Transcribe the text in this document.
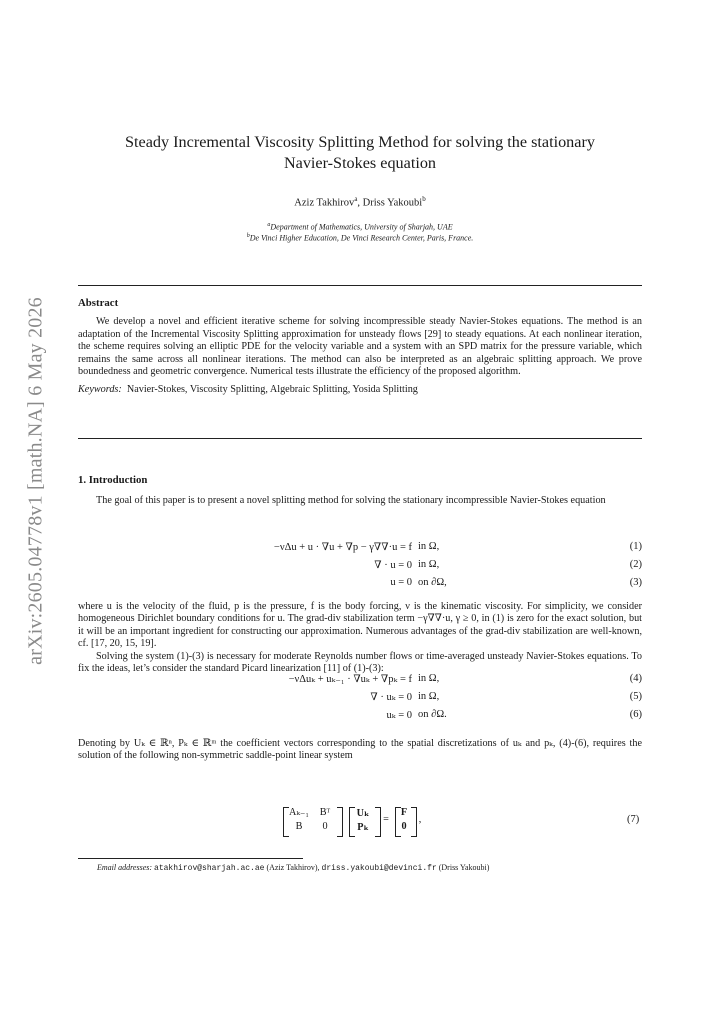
arXiv:2605.04778v1 [math.NA] 6 May 2026
Steady Incremental Viscosity Splitting Method for solving the stationary
Navier-Stokes equation
Aziz Takhirov$^a$, Driss Yakoubi$^b$
$^a$Department of Mathematics, University of Sharjah, UAE
$^b$De Vinci Higher Education, De Vinci Research Center, Paris, France.
Abstract

We develop a novel and efficient iterative scheme for solving incompressible steady Navier-Stokes equations. The method is an adaptation of the Incremental Viscosity Splitting approximation for unsteady flows [29] to steady equations. At each nonlinear iteration, the scheme requires solving an elliptic PDE for the velocity variable and a system with an SPD matrix for the pressure variable, which remains the same across all nonlinear iterations. The method can also be interpreted as an algebraic splitting approach. We prove boundedness and geometric convergence. Numerical tests illustrate the efficiency of the proposed algorithm.

Keywords: Navier-Stokes, Viscosity Splitting, Algebraic Splitting, Yosida Splitting

1. Introduction

The goal of this paper is to present a novel splitting method for solving the stationary incompressible Navier-Stokes equation

−νΔu + u · ∇u + ∇p − γ∇∇·u = f in Ω,	(1)
∇ · u = 0 in Ω,	(2)
u = 0 on ∂Ω,	(3)

where u is the velocity of the fluid, p is the pressure, f is the body forcing, ν is the kinematic viscosity. For simplicity, we consider homogeneous Dirichlet boundary conditions for u. The grad-div stabilization term −γ∇∇·u, γ ≥ 0, in (1) is zero for the exact solution, but it will be an important ingredient for constructing our approximation. Numerous advantages of the grad-div stabilization are well-known, cf. [17, 20, 15, 19].

Solving the system (1)-(3) is necessary for moderate Reynolds number flows or time-averaged unsteady Navier-Stokes equations. To fix the ideas, let’s consider the standard Picard linearization [11] of (1)-(3):

−νΔuₖ + uₖ₋₁ · ∇uₖ + ∇pₖ = f in Ω,	(4)
∇ · uₖ = 0 in Ω,	(5)
uₖ = 0 on ∂Ω.	(6)

Denoting by Uₖ ∈ ℝⁿ, Pₖ ∈ ℝᵐ the coefficient vectors corresponding to the spatial discretizations of uₖ and pₖ, (4)-(6), requires the solution of the following non-symmetric saddle-point linear system

Aₖ₋₁	Bᵀ
B	0
Uₖ
Pₖ
=
F
0
,	(7)
Email addresses: atakhirov@sharjah.ac.ae (Aziz Takhirov), driss.yakoubi@devinci.fr (Driss Yakoubi)
